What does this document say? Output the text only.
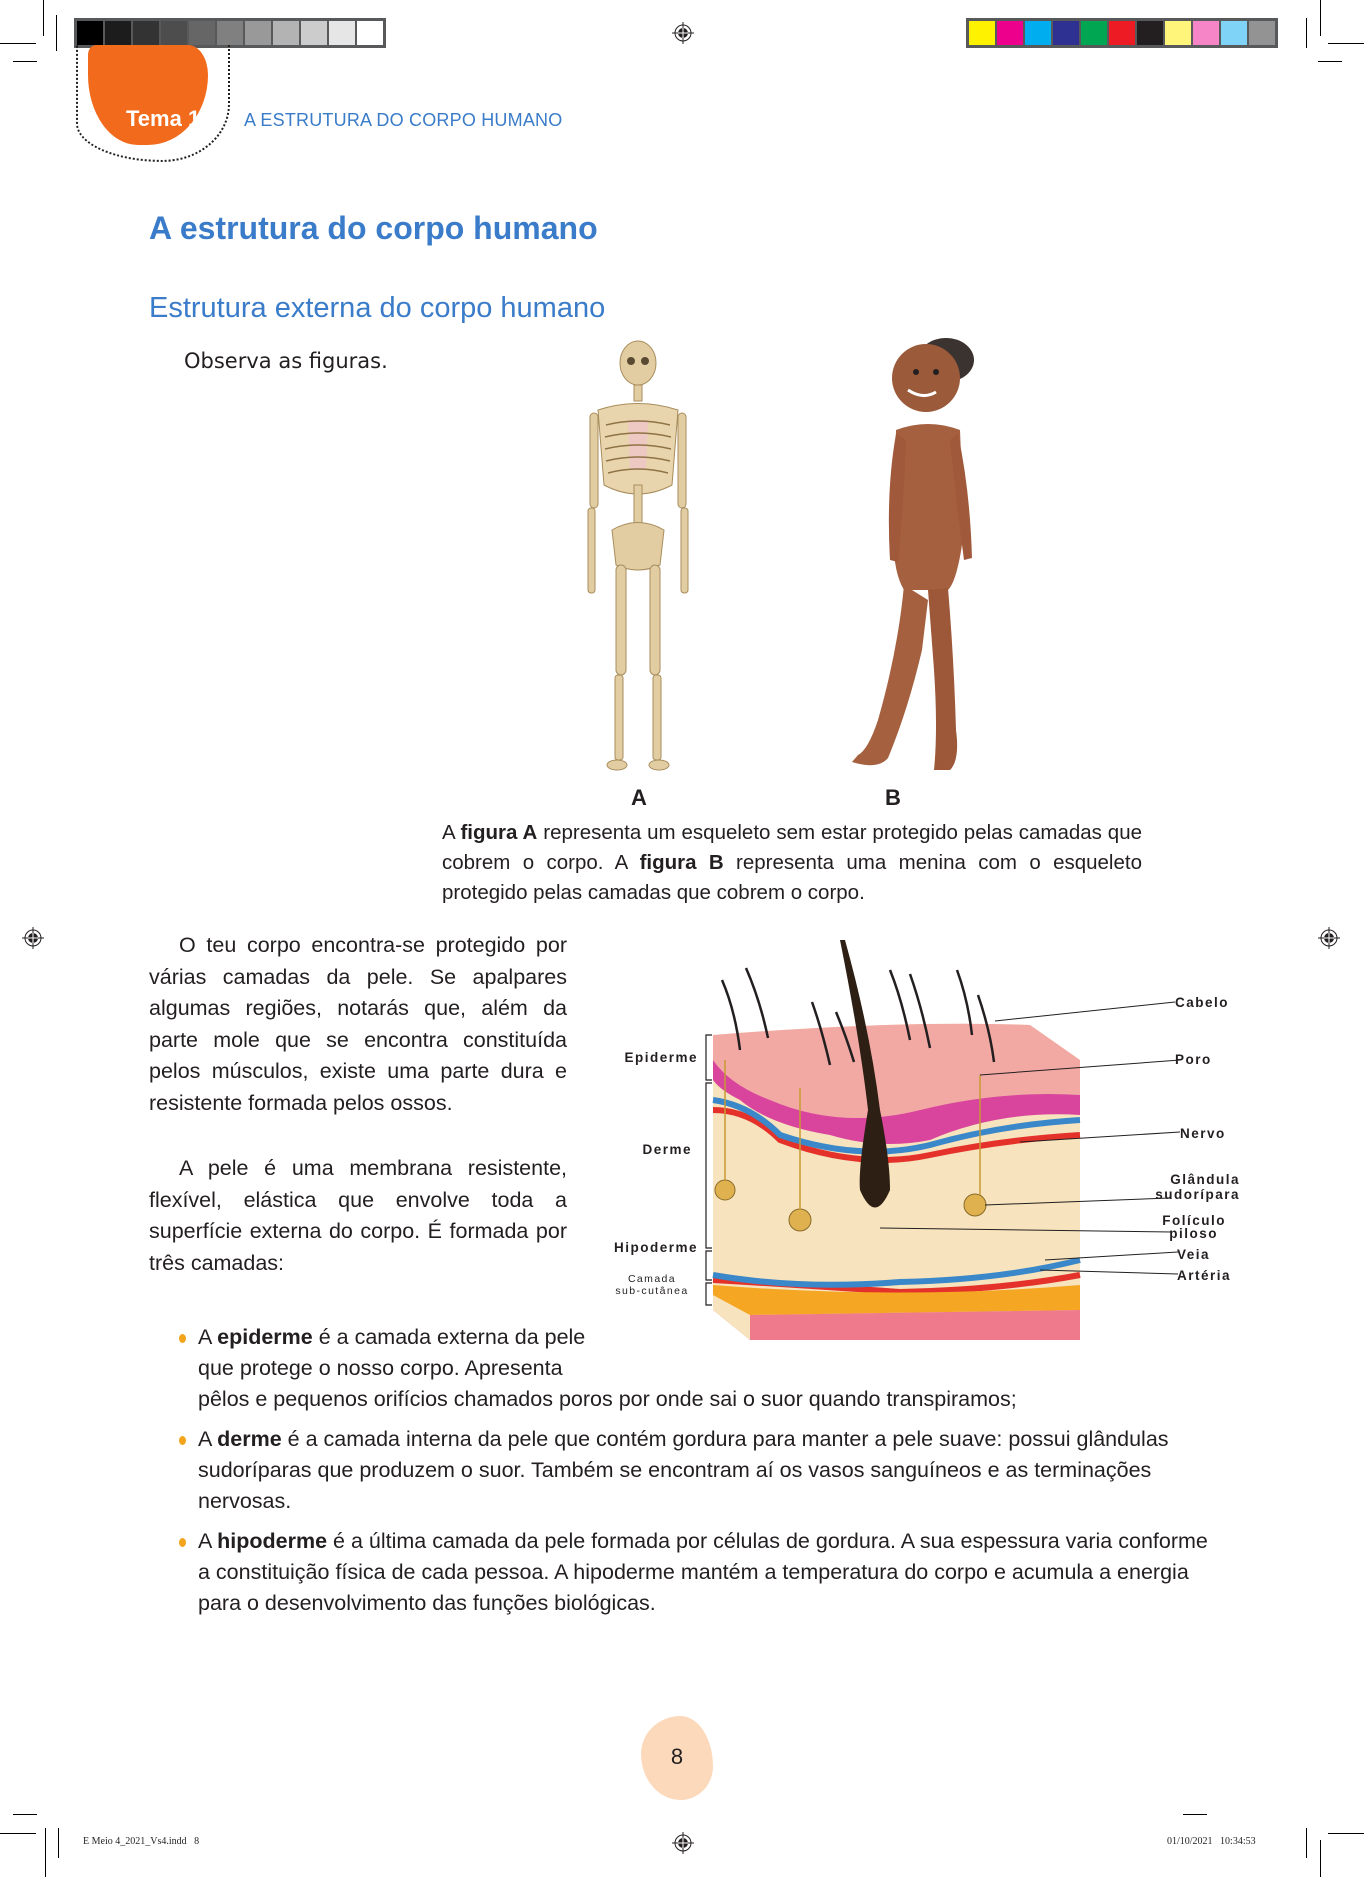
Tema 1 A ESTRUTURA DO CORPO HUMANO
A estrutura do corpo humano
Estrutura externa do corpo humano
Observa as figuras.
A	B
A figura A representa um esqueleto sem estar protegido pelas camadas que cobrem o corpo. A figura B representa uma menina com o esqueleto protegido pelas camadas que cobrem o corpo.

O teu corpo encontra-se protegido por várias camadas da pele. Se apalpares algumas regiões, notarás que, além da parte mole que se encontra constituída pelos músculos, existe uma parte dura e resistente formada pelos ossos.

A pele é uma membrana resistente, flexível, elástica que envolve toda a superfície externa do corpo. É formada por três camadas:

Epiderme
Derme
Hipoderme
Camada
sub-cutânea
Cabelo
Poro
Nervo
Glândula
sudorípara
Folículo
piloso
Veia
Artéria
A epiderme é a camada externa da pele que protege o nosso corpo. Apresenta pêlos e pequenos orifícios chamados poros por onde sai o suor quando transpiramos;
A derme é a camada interna da pele que contém gordura para manter a pele suave: possui glândulas sudoríparas que produzem o suor. Também se encontram aí os vasos sanguíneos e as terminações nervosas.
A hipoderme é a última camada da pele formada por células de gordura. A sua espessura varia conforme a constituição física de cada pessoa. A hipoderme mantém a temperatura do corpo e acumula a energia para o desenvolvimento das funções biológicas.
8
E Meio 4_2021_Vs4.indd   8	01/10/2021   10:34:53
